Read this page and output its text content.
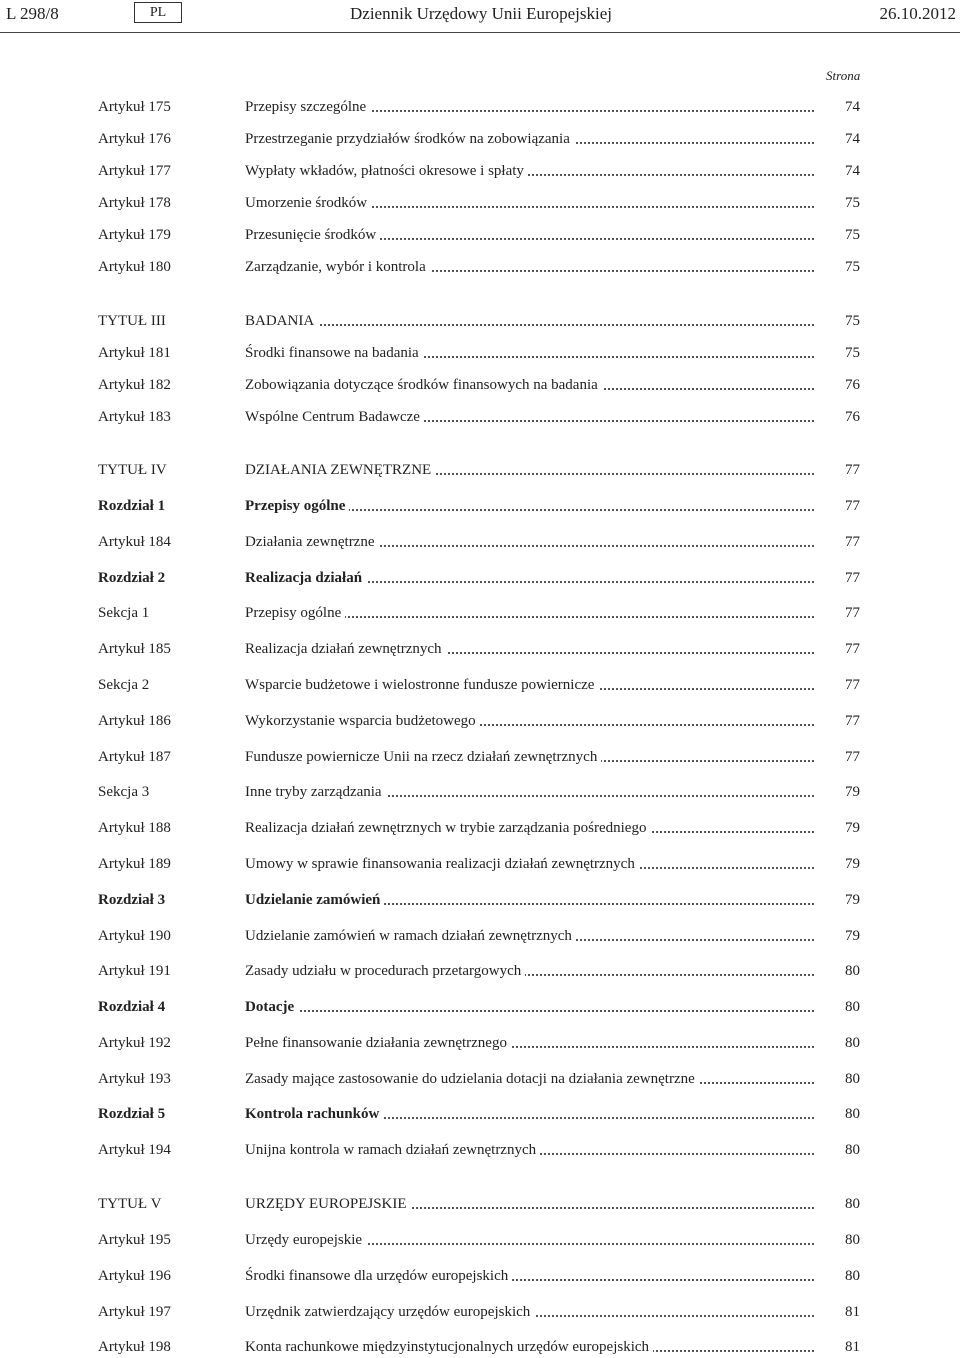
L 298/8	PL	Dziennik Urzędowy Unii Europejskiej	26.10.2012
Strona
Artykuł 175	Przepisy szczególne	74
Artykuł 176	Przestrzeganie przydziałów środków na zobowiązania	74
Artykuł 177	Wypłaty wkładów, płatności okresowe i spłaty	74
Artykuł 178	Umorzenie środków	75
Artykuł 179	Przesunięcie środków	75
Artykuł 180	Zarządzanie, wybór i kontrola	75
TYTUŁ III	BADANIA	75
Artykuł 181	Środki finansowe na badania	75
Artykuł 182	Zobowiązania dotyczące środków finansowych na badania	76
Artykuł 183	Wspólne Centrum Badawcze	76
TYTUŁ IV	DZIAŁANIA ZEWNĘTRZNE	77
Rozdział 1	Przepisy ogólne	77
Artykuł 184	Działania zewnętrzne	77
Rozdział 2	Realizacja działań	77
Sekcja 1	Przepisy ogólne	77
Artykuł 185	Realizacja działań zewnętrznych	77
Sekcja 2	Wsparcie budżetowe i wielostronne fundusze powiernicze	77
Artykuł 186	Wykorzystanie wsparcia budżetowego	77
Artykuł 187	Fundusze powiernicze Unii na rzecz działań zewnętrznych	77
Sekcja 3	Inne tryby zarządzania	79
Artykuł 188	Realizacja działań zewnętrznych w trybie zarządzania pośredniego	79
Artykuł 189	Umowy w sprawie finansowania realizacji działań zewnętrznych	79
Rozdział 3	Udzielanie zamówień	79
Artykuł 190	Udzielanie zamówień w ramach działań zewnętrznych	79
Artykuł 191	Zasady udziału w procedurach przetargowych	80
Rozdział 4	Dotacje	80
Artykuł 192	Pełne finansowanie działania zewnętrznego	80
Artykuł 193	Zasady mające zastosowanie do udzielania dotacji na działania zewnętrzne	80
Rozdział 5	Kontrola rachunków	80
Artykuł 194	Unijna kontrola w ramach działań zewnętrznych	80
TYTUŁ V	URZĘDY EUROPEJSKIE	80
Artykuł 195	Urzędy europejskie	80
Artykuł 196	Środki finansowe dla urzędów europejskich	80
Artykuł 197	Urzędnik zatwierdzający urzędów europejskich	81
Artykuł 198	Konta rachunkowe międzyinstytucjonalnych urzędów europejskich	81
